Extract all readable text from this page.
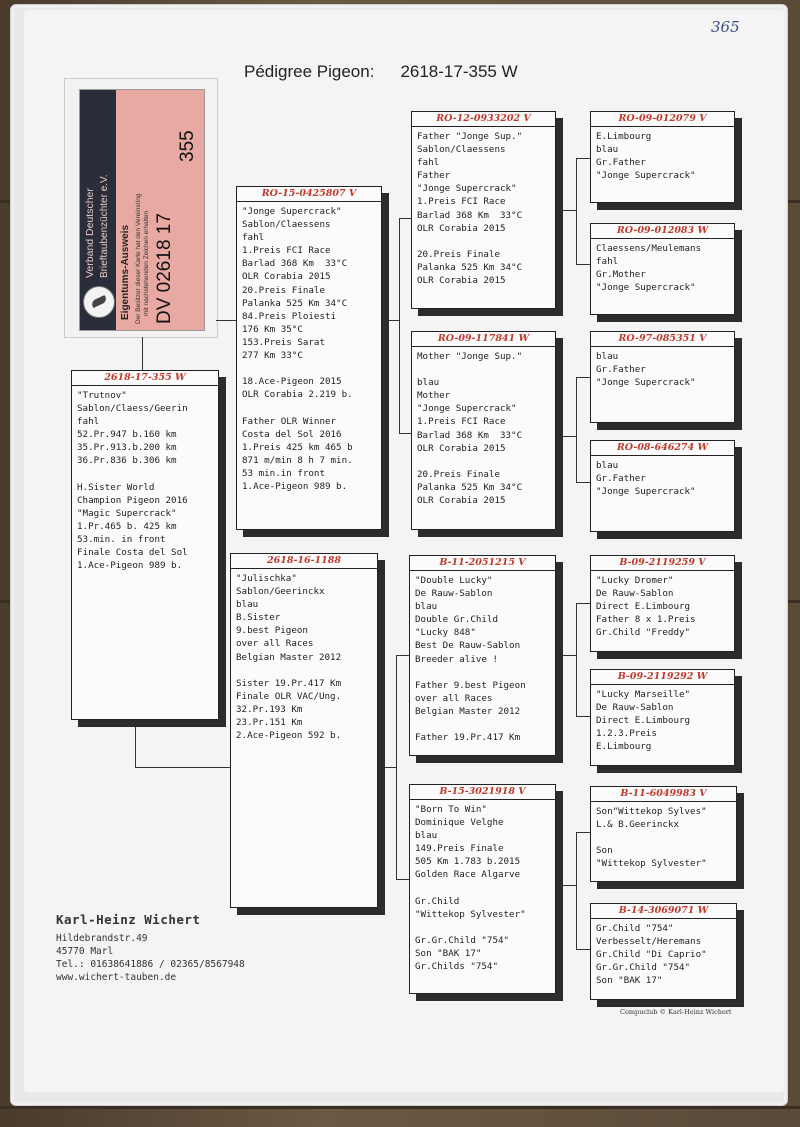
365
Pédigree Pigeon: 2618-17-355 W
Verband Deutscher Brieftaubenzüchter e.V. Eigentums-Ausweis Der Besitzer dieser Karte hat den Vereinsring mit nachstehenden Zeichen erhalten DV 02618 17
355
2618-17-355 W
"Trutnov"
Sablon/Claess/Geerin
fahl
52.Pr.947 b.160 km
35.Pr.913.b.200 km
36.Pr.836 b.306 km

H.Sister World
Champion Pigeon 2016
"Magic Supercrack"
1.Pr.465 b. 425 km
53.min. in front
Finale Costa del Sol
1.Ace-Pigeon 989 b.
RO-15-0425807 V
"Jonge Supercrack"
Sablon/Claessens
fahl
1.Preis FCI Race
Barlad 368 Km  33°C
OLR Corabia 2015
20.Preis Finale
Palanka 525 Km 34°C
84.Preis Ploiesti
176 Km 35°C
153.Preis Sarat
277 Km 33°C

18.Ace-Pigeon 2015
OLR Corabia 2.219 b.

Father OLR Winner
Costa del Sol 2016
1.Preis 425 km 465 b
871 m/min 8 h 7 min.
53 min.in front
1.Ace-Pigeon 989 b.
2618-16-1188
"Julischka"
Sablon/Geerinckx
blau
B.Sister
9.best Pigeon
over all Races
Belgian Master 2012

Sister 19.Pr.417 Km
Finale OLR VAC/Ung.
32.Pr.193 Km
23.Pr.151 Km
2.Ace-Pigeon 592 b.
RO-12-0933202 V
Father "Jonge Sup."
Sablon/Claessens
fahl
Father
"Jonge Supercrack"
1.Preis FCI Race
Barlad 368 Km  33°C
OLR Corabia 2015

20.Preis Finale
Palanka 525 Km 34°C
OLR Corabia 2015
RO-09-117841 W
Mother "Jonge Sup."

blau
Mother
"Jonge Supercrack"
1.Preis FCI Race
Barlad 368 Km  33°C
OLR Corabia 2015

20.Preis Finale
Palanka 525 Km 34°C
OLR Corabia 2015
B-11-2051215 V
"Double Lucky"
De Rauw-Sablon
blau
Double Gr.Child
"Lucky 848"
Best De Rauw-Sablon
Breeder alive !

Father 9.best Pigeon
over all Races
Belgian Master 2012

Father 19.Pr.417 Km
B-15-3021918 V
"Born To Win"
Dominique Velghe
blau
149.Preis Finale
505 Km 1.783 b.2015
Golden Race Algarve

Gr.Child
"Wittekop Sylvester"

Gr.Gr.Child "754"
Son "BAK 17"
Gr.Childs "754"
RO-09-012079 V
E.Limbourg
blau
Gr.Father
"Jonge Supercrack"
RO-09-012083 W
Claessens/Meulemans
fahl
Gr.Mother
"Jonge Supercrack"
RO-97-085351 V
blau
Gr.Father
"Jonge Supercrack"
RO-08-646274 W
blau
Gr.Father
"Jonge Supercrack"
B-09-2119259 V
"Lucky Dromer"
De Rauw-Sablon
Direct E.Limbourg
Father 8 x 1.Preis
Gr.Child "Freddy"
B-09-2119292 W
"Lucky Marseille"
De Rauw-Sablon
Direct E.Limbourg
1.2.3.Preis
E.Limbourg
B-11-6049983 V
Son"Wittekop Sylves"
L.& B.Geerinckx

Son
"Wittekop Sylvester"
B-14-3069071 W
Gr.Child "754"
Verbesselt/Heremans
Gr.Child "Di Caprio"
Gr.Gr.Child "754"
Son "BAK 17"
Karl-Heinz Wichert
Hildebrandstr.49
45770 Marl
Tel.: 01638641886 / 02365/8567948
www.wichert-tauben.de
Compuclub © Karl-Heinz Wichert
